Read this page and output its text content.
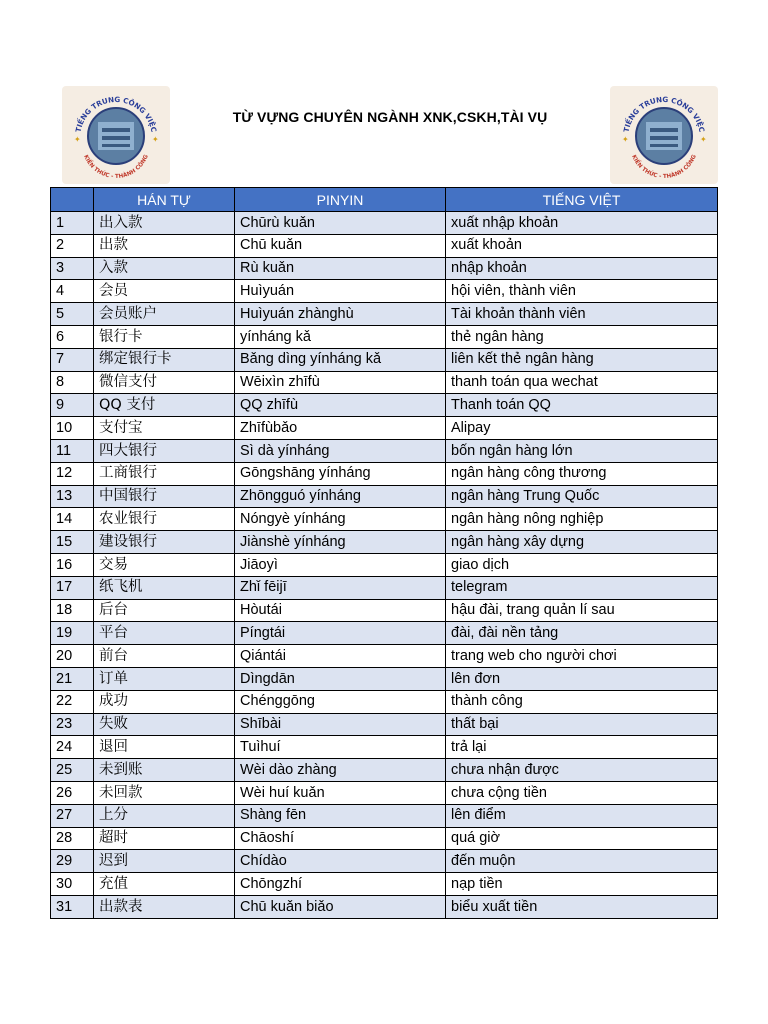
TIẾNG TRUNG CÔNG VIỆC
KIẾN THỨC - THÀNH CÔNG
✦	✦
TIẾNG TRUNG CÔNG VIỆC
KIẾN THỨC - THÀNH CÔNG
✦	✦
TỪ VỰNG CHUYÊN NGÀNH XNK,CSKH,TÀI VỤ
	HÁN TỰ	PINYIN	TIẾNG VIỆT
1	出入款	Chūrù kuǎn	xuất nhập khoản
2	出款	Chū kuǎn	xuất khoản
3	入款	Rù kuǎn	nhập khoản
4	会员	Huìyuán	hội viên, thành viên
5	会员账户	Huìyuán zhànghù	Tài khoản thành viên
6	银行卡	yínháng kǎ	thẻ ngân hàng
7	绑定银行卡	Bǎng dìng yínháng kǎ	liên kết thẻ ngân hàng
8	微信支付	Wēixìn zhīfù	thanh toán qua wechat
9	QQ 支付	QQ zhīfù	Thanh toán QQ
10	支付宝	Zhīfùbǎo	Alipay
11	四大银行	Sì dà yínháng	bốn ngân hàng lớn
12	工商银行	Gōngshāng yínháng	ngân hàng công thương
13	中国银行	Zhōngguó yínháng	ngân hàng Trung Quốc
14	农业银行	Nóngyè yínháng	ngân hàng nông nghiệp
15	建设银行	Jiànshè yínháng	ngân hàng xây dựng
16	交易	Jiāoyì	giao dịch
17	纸飞机	Zhǐ fēijī	telegram
18	后台	Hòutái	hậu đài, trang quản lí sau
19	平台	Píngtái	đài, đài nền tảng
20	前台	Qiántái	trang web cho người chơi
21	订单	Dìngdān	lên đơn
22	成功	Chénggōng	thành công
23	失败	Shībài	thất bại
24	退回	Tuìhuí	trả lại
25	未到账	Wèi dào zhàng	chưa nhận được
26	未回款	Wèi huí kuǎn	chưa cộng tiền
27	上分	Shàng fēn	lên điểm
28	超时	Chāoshí	quá giờ
29	迟到	Chídào	đến muộn
30	充值	Chōngzhí	nạp tiền
31	出款表	Chū kuǎn biǎo	biểu xuất tiền
